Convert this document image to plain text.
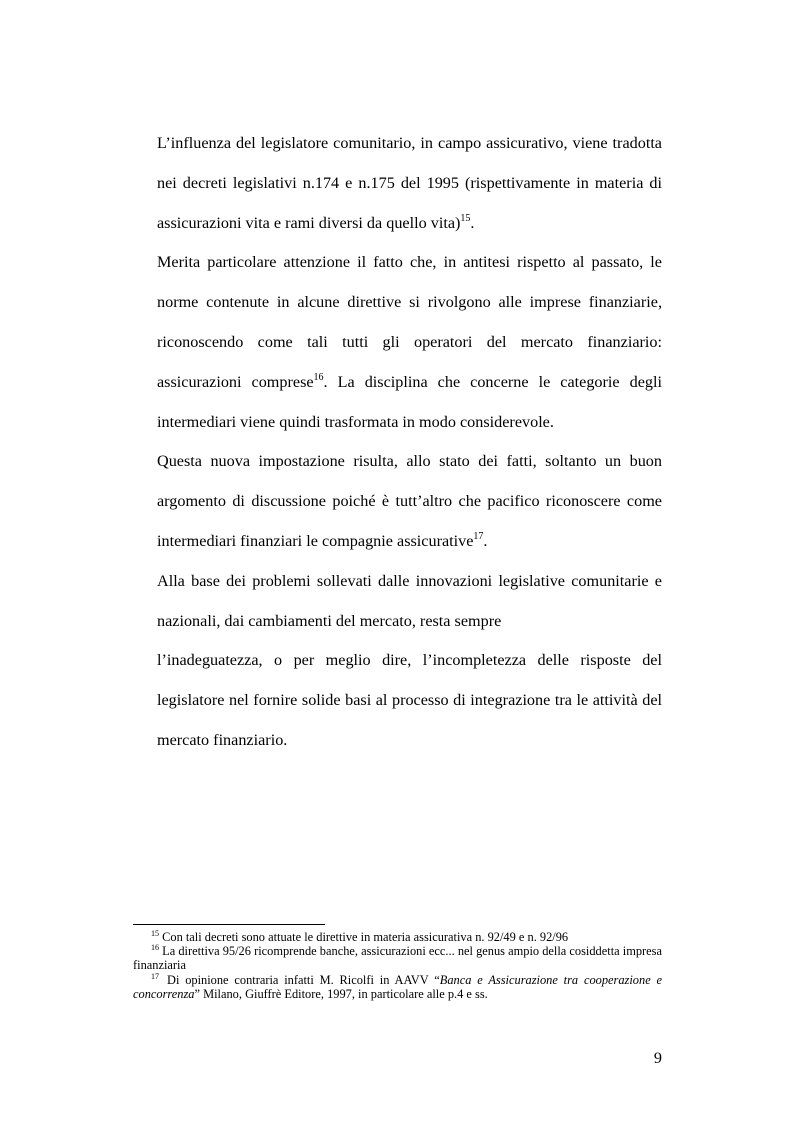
L’influenza del legislatore comunitario, in campo assicurativo, viene tradotta nei decreti legislativi n.174 e n.175 del 1995 (rispettivamente in materia di assicurazioni vita e rami diversi da quello vita)$^{15}$.

Merita particolare attenzione il fatto che, in antitesi rispetto al passato, le norme contenute in alcune direttive si rivolgono alle imprese finanziarie, riconoscendo come tali tutti gli operatori del mercato finanziario: assicurazioni comprese$^{16}$. La disciplina che concerne le categorie degli intermediari viene quindi trasformata in modo considerevole.

Questa nuova impostazione risulta, allo stato dei fatti, soltanto un buon argomento di discussione poiché è tutt’altro che pacifico riconoscere come intermediari finanziari le compagnie assicurative$^{17}$.

Alla base dei problemi sollevati dalle innovazioni legislative comunitarie e nazionali, dai cambiamenti del mercato, resta sempre

l’inadeguatezza, o per meglio dire, l’incompletezza delle risposte del legislatore nel fornire solide basi al processo di integrazione tra le attività del mercato finanziario.

$^{15}$ Con tali decreti sono attuate le direttive in materia assicurativa n. 92/49 e n. 92/96

$^{16}$ La direttiva 95/26 ricomprende banche, assicurazioni ecc... nel genus ampio della cosiddetta impresa finanziaria

$^{17}$ Di opinione contraria infatti M. Ricolfi in AAVV “Banca e Assicurazione tra cooperazione e concorrenza” Milano, Giuffrè Editore, 1997, in particolare alle p.4 e ss.

9
